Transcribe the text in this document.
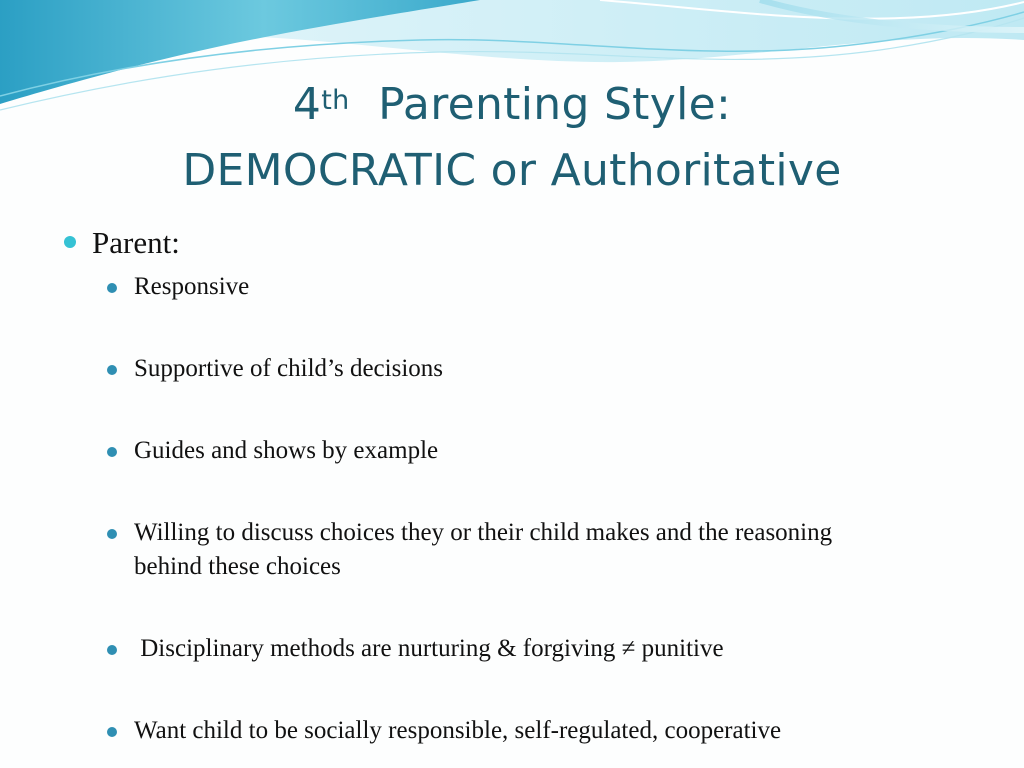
4th Parenting Style:
DEMOCRATIC or Authoritative
Parent:
Responsive
Supportive of child’s decisions
Guides and shows by example
Willing to discuss choices they or their child makes and the reasoning behind these choices
Disciplinary methods are nurturing & forgiving ≠ punitive
Want child to be socially responsible, self-regulated, cooperative
